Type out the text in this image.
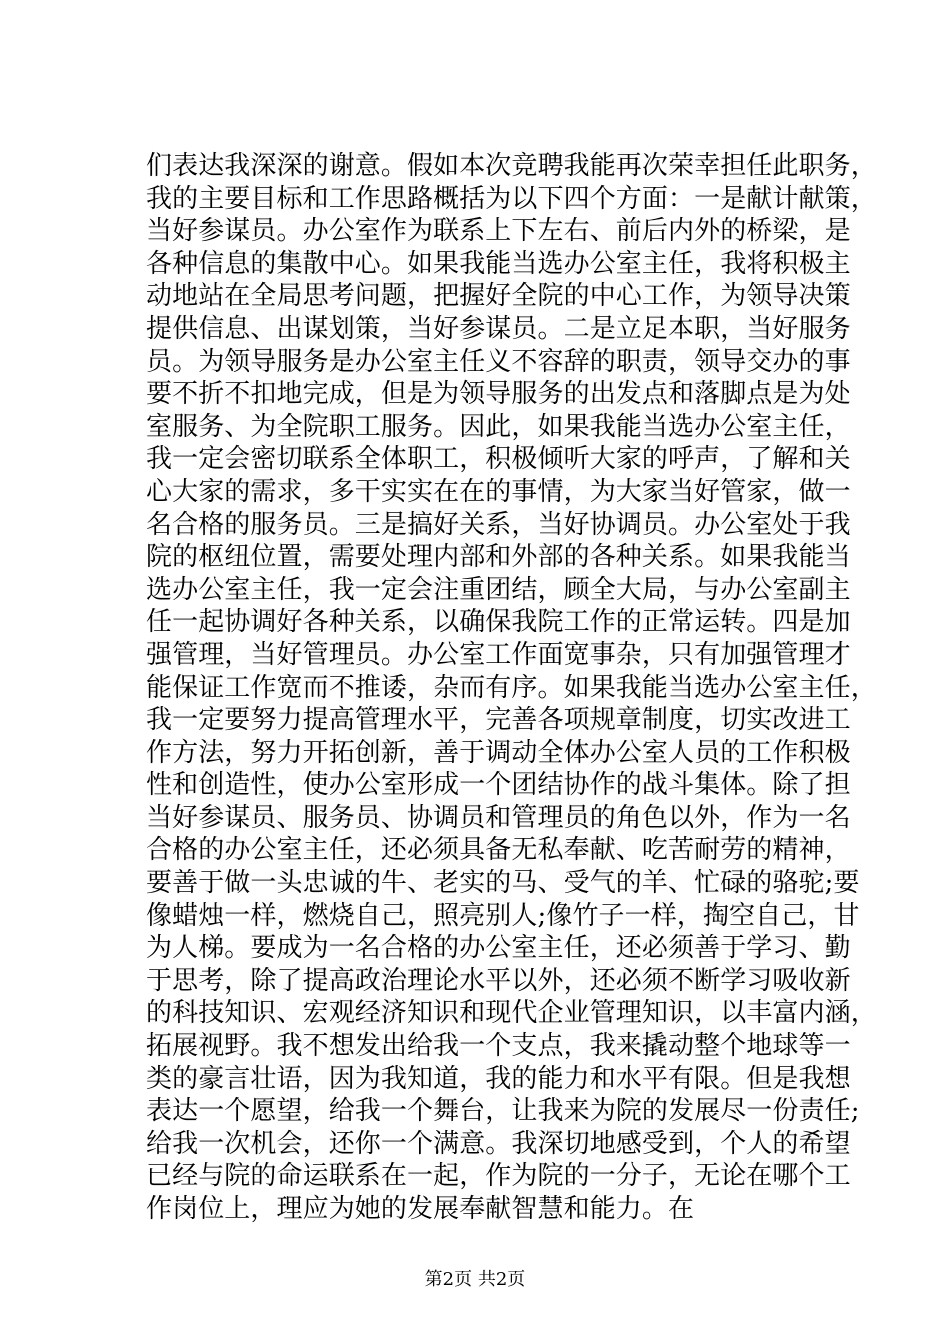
们表达我深深的谢意。假如本次竞聘我能再次荣幸担任此职务，
我的主要目标和工作思路概括为以下四个方面：一是献计献策，
当好参谋员。办公室作为联系上下左右、前后内外的桥梁，是
各种信息的集散中心。如果我能当选办公室主任，我将积极主
动地站在全局思考问题，把握好全院的中心工作，为领导决策
提供信息、出谋划策，当好参谋员。二是立足本职，当好服务
员。为领导服务是办公室主任义不容辞的职责，领导交办的事
要不折不扣地完成，但是为领导服务的出发点和落脚点是为处
室服务、为全院职工服务。因此，如果我能当选办公室主任，
我一定会密切联系全体职工，积极倾听大家的呼声，了解和关
心大家的需求，多干实实在在的事情，为大家当好管家，做一
名合格的服务员。三是搞好关系，当好协调员。办公室处于我
院的枢纽位置，需要处理内部和外部的各种关系。如果我能当
选办公室主任，我一定会注重团结，顾全大局，与办公室副主
任一起协调好各种关系，以确保我院工作的正常运转。四是加
强管理，当好管理员。办公室工作面宽事杂，只有加强管理才
能保证工作宽而不推诿，杂而有序。如果我能当选办公室主任，
我一定要努力提高管理水平，完善各项规章制度，切实改进工
作方法，努力开拓创新，善于调动全体办公室人员的工作积极
性和创造性，使办公室形成一个团结协作的战斗集体。除了担
当好参谋员、服务员、协调员和管理员的角色以外，作为一名
合格的办公室主任，还必须具备无私奉献、吃苦耐劳的精神，
要善于做一头忠诚的牛、老实的马、受气的羊、忙碌的骆驼;要
像蜡烛一样，燃烧自己，照亮别人;像竹子一样，掏空自己，甘
为人梯。要成为一名合格的办公室主任，还必须善于学习、勤
于思考，除了提高政治理论水平以外，还必须不断学习吸收新
的科技知识、宏观经济知识和现代企业管理知识，以丰富内涵，
拓展视野。我不想发出给我一个支点，我来撬动整个地球等一
类的豪言壮语，因为我知道，我的能力和水平有限。但是我想
表达一个愿望，给我一个舞台，让我来为院的发展尽一份责任;
给我一次机会，还你一个满意。我深切地感受到，个人的希望
已经与院的命运联系在一起，作为院的一分子，无论在哪个工
作岗位上，理应为她的发展奉献智慧和能力。在
第2页 共2页
